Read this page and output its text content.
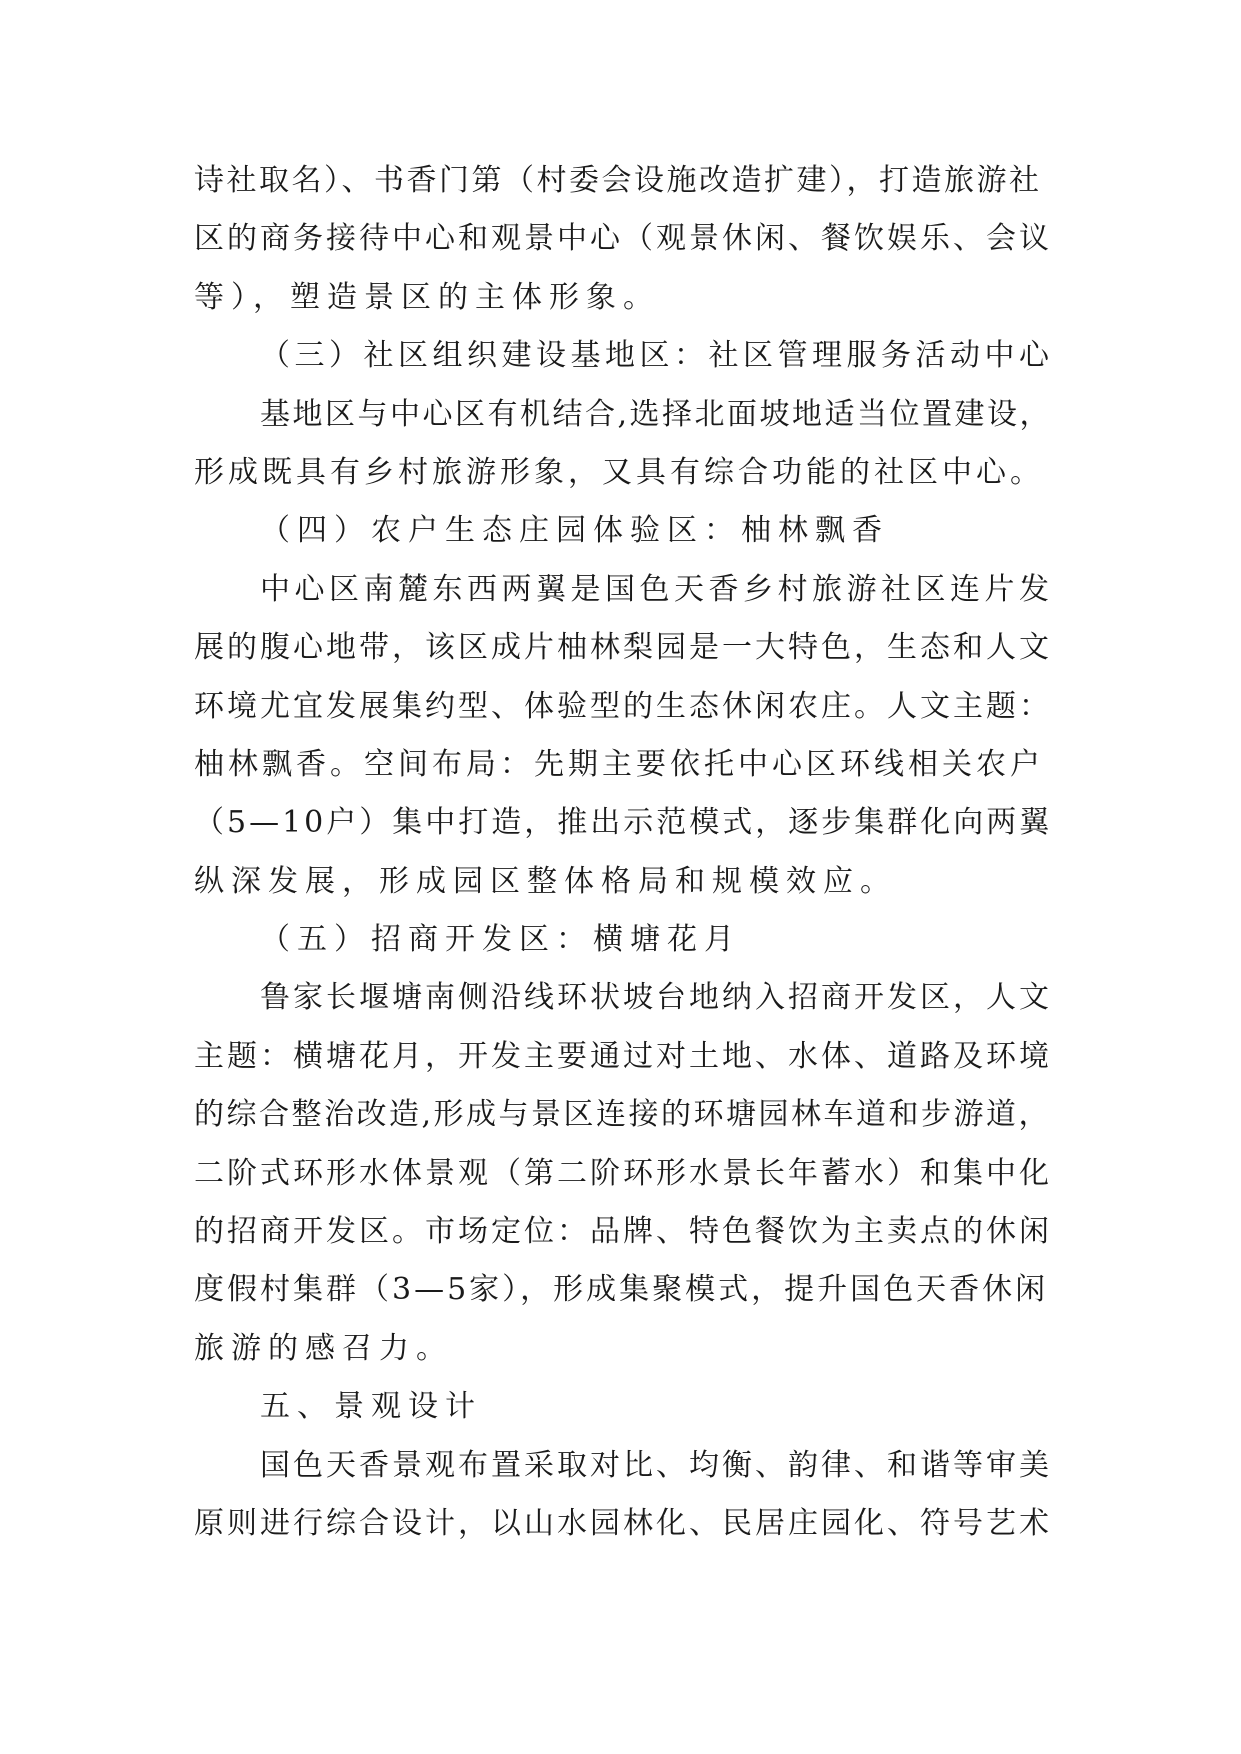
诗社取名）、书香门第（村委会设施改造扩建），打造旅游社
区的商务接待中心和观景中心（观景休闲、餐饮娱乐、会议
等），塑造景区的主体形象。
（三）社区组织建设基地区：社区管理服务活动中心
基地区与中心区有机结合,选择北面坡地适当位置建设，
形成既具有乡村旅游形象，又具有综合功能的社区中心。
（四）农户生态庄园体验区：柚林飘香
中心区南麓东西两翼是国色天香乡村旅游社区连片发
展的腹心地带，该区成片柚林梨园是一大特色，生态和人文
环境尤宜发展集约型、体验型的生态休闲农庄。人文主题：
柚林飘香。空间布局：先期主要依托中心区环线相关农户
（5—10户）集中打造，推出示范模式，逐步集群化向两翼
纵深发展，形成园区整体格局和规模效应。
（五）招商开发区：横塘花月
鲁家长堰塘南侧沿线环状坡台地纳入招商开发区，人文
主题：横塘花月，开发主要通过对土地、水体、道路及环境
的综合整治改造,形成与景区连接的环塘园林车道和步游道，
二阶式环形水体景观（第二阶环形水景长年蓄水）和集中化
的招商开发区。市场定位：品牌、特色餐饮为主卖点的休闲
度假村集群（3—5家），形成集聚模式，提升国色天香休闲
旅游的感召力。
五、景观设计
国色天香景观布置采取对比、均衡、韵律、和谐等审美
原则进行综合设计，以山水园林化、民居庄园化、符号艺术
